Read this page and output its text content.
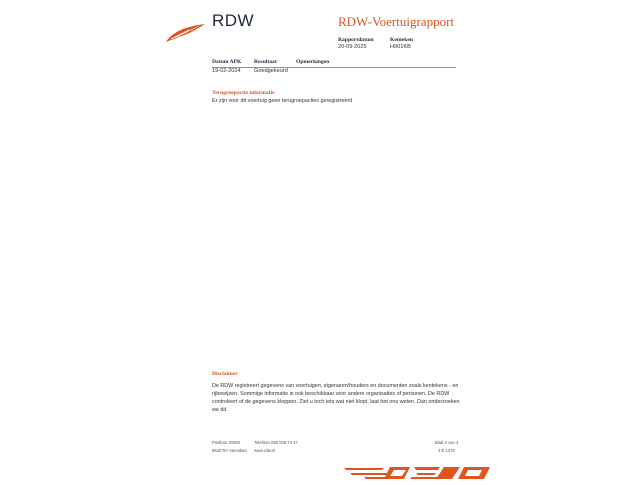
RDW	RDW-Voertuigrapport
Rapportdatum
20-09-2025
Kenteken
H901KB
Datum APK Resultaat	Opmerkingen
19-02-2024 Goedgekeurd
Terugroepactie informatie
Er zijn voor dit voertuig geen terugroepacties geregistreerd
Disclaimer
De RDW registreert gegevens van voertuigen, eigenaren/houders en documenten zoals kentekens - en
rijbewijzen. Sommige informatie is ook beschikbaar voor andere organisaties of personen. De RDW
controleert of de gegevens kloppen. Ziet u toch iets wat niet klopt, laat het ons weten. Dan onderzoeken
we dit.
Postbus 30000
9640 RA Veendam
Telefoon 088 008 74 47
www.rdw.nl
Blad 3 van 3
3 E 1479
